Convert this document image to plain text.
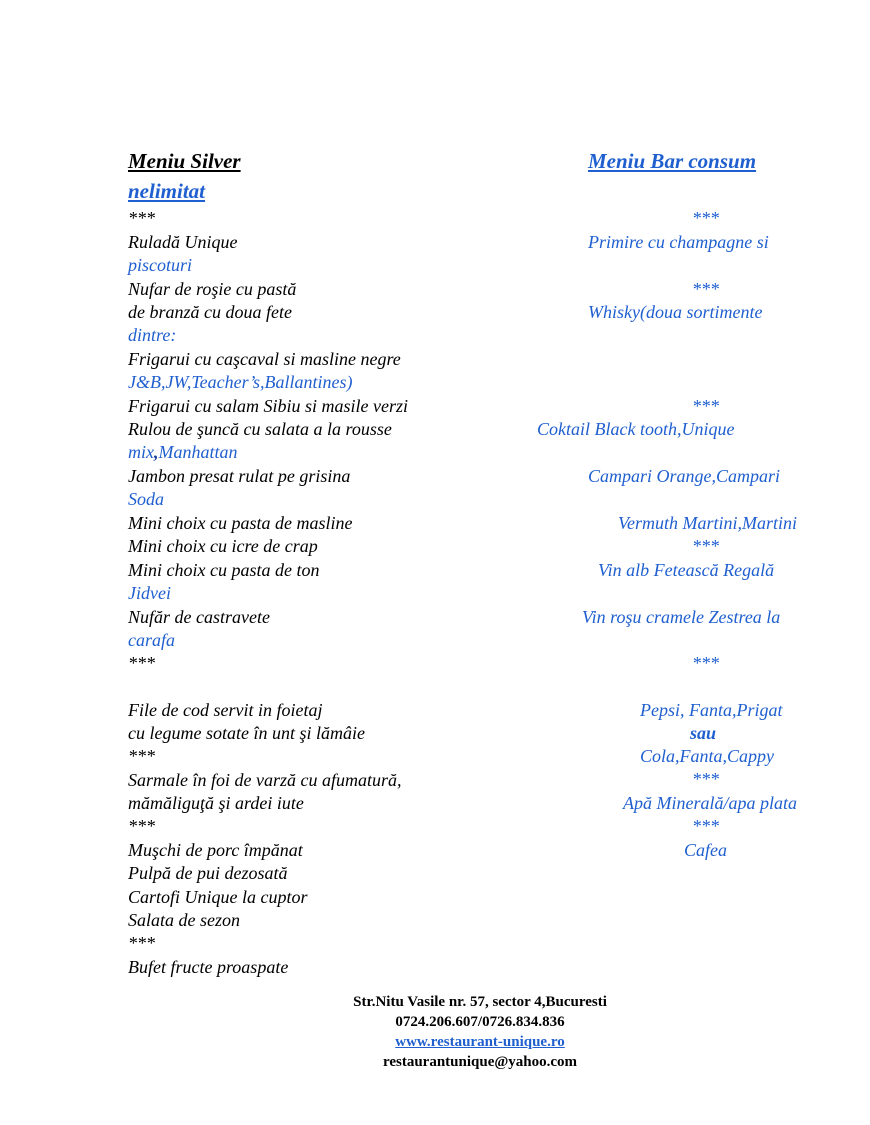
Meniu Silver	Meniu Bar consum
nelimitat
***	***
Ruladă Unique	Primire cu champagne si
piscoturi
Nufar de roşie cu pastă	***
de branză cu doua fete	Whisky(doua sortimente
dintre:
Frigarui cu caşcaval si masline negre
J&B,JW,Teacher’s,Ballantines)
Frigarui cu salam Sibiu si masile verzi	***
Rulou de şuncă cu salata a la rousse	Coktail Black tooth,Unique
mix,Manhattan
Jambon presat rulat pe grisina	Campari Orange,Campari
Soda
Mini choix cu pasta de masline	Vermuth Martini,Martini
Mini choix cu icre de crap	***
Mini choix cu pasta de ton	Vin alb Fetească Regală
Jidvei
Nufăr de castravete	Vin roşu cramele Zestrea la
carafa
***	***
File de cod servit in foietaj	Pepsi, Fanta,Prigat
cu legume sotate în unt şi lămâie	sau
***	Cola,Fanta,Cappy
Sarmale în foi de varză cu afumatură,	***
mămăliguţă şi ardei iute	Apă Minerală/apa plata
***	***
Muşchi de porc împănat	Cafea
Pulpă de pui dezosată
Cartofi Unique la cuptor
Salata de sezon
***
Bufet fructe proaspate
Str.Nitu Vasile nr. 57, sector 4,Bucuresti
0724.206.607/0726.834.836
www.restaurant-unique.ro
restaurantunique@yahoo.com
